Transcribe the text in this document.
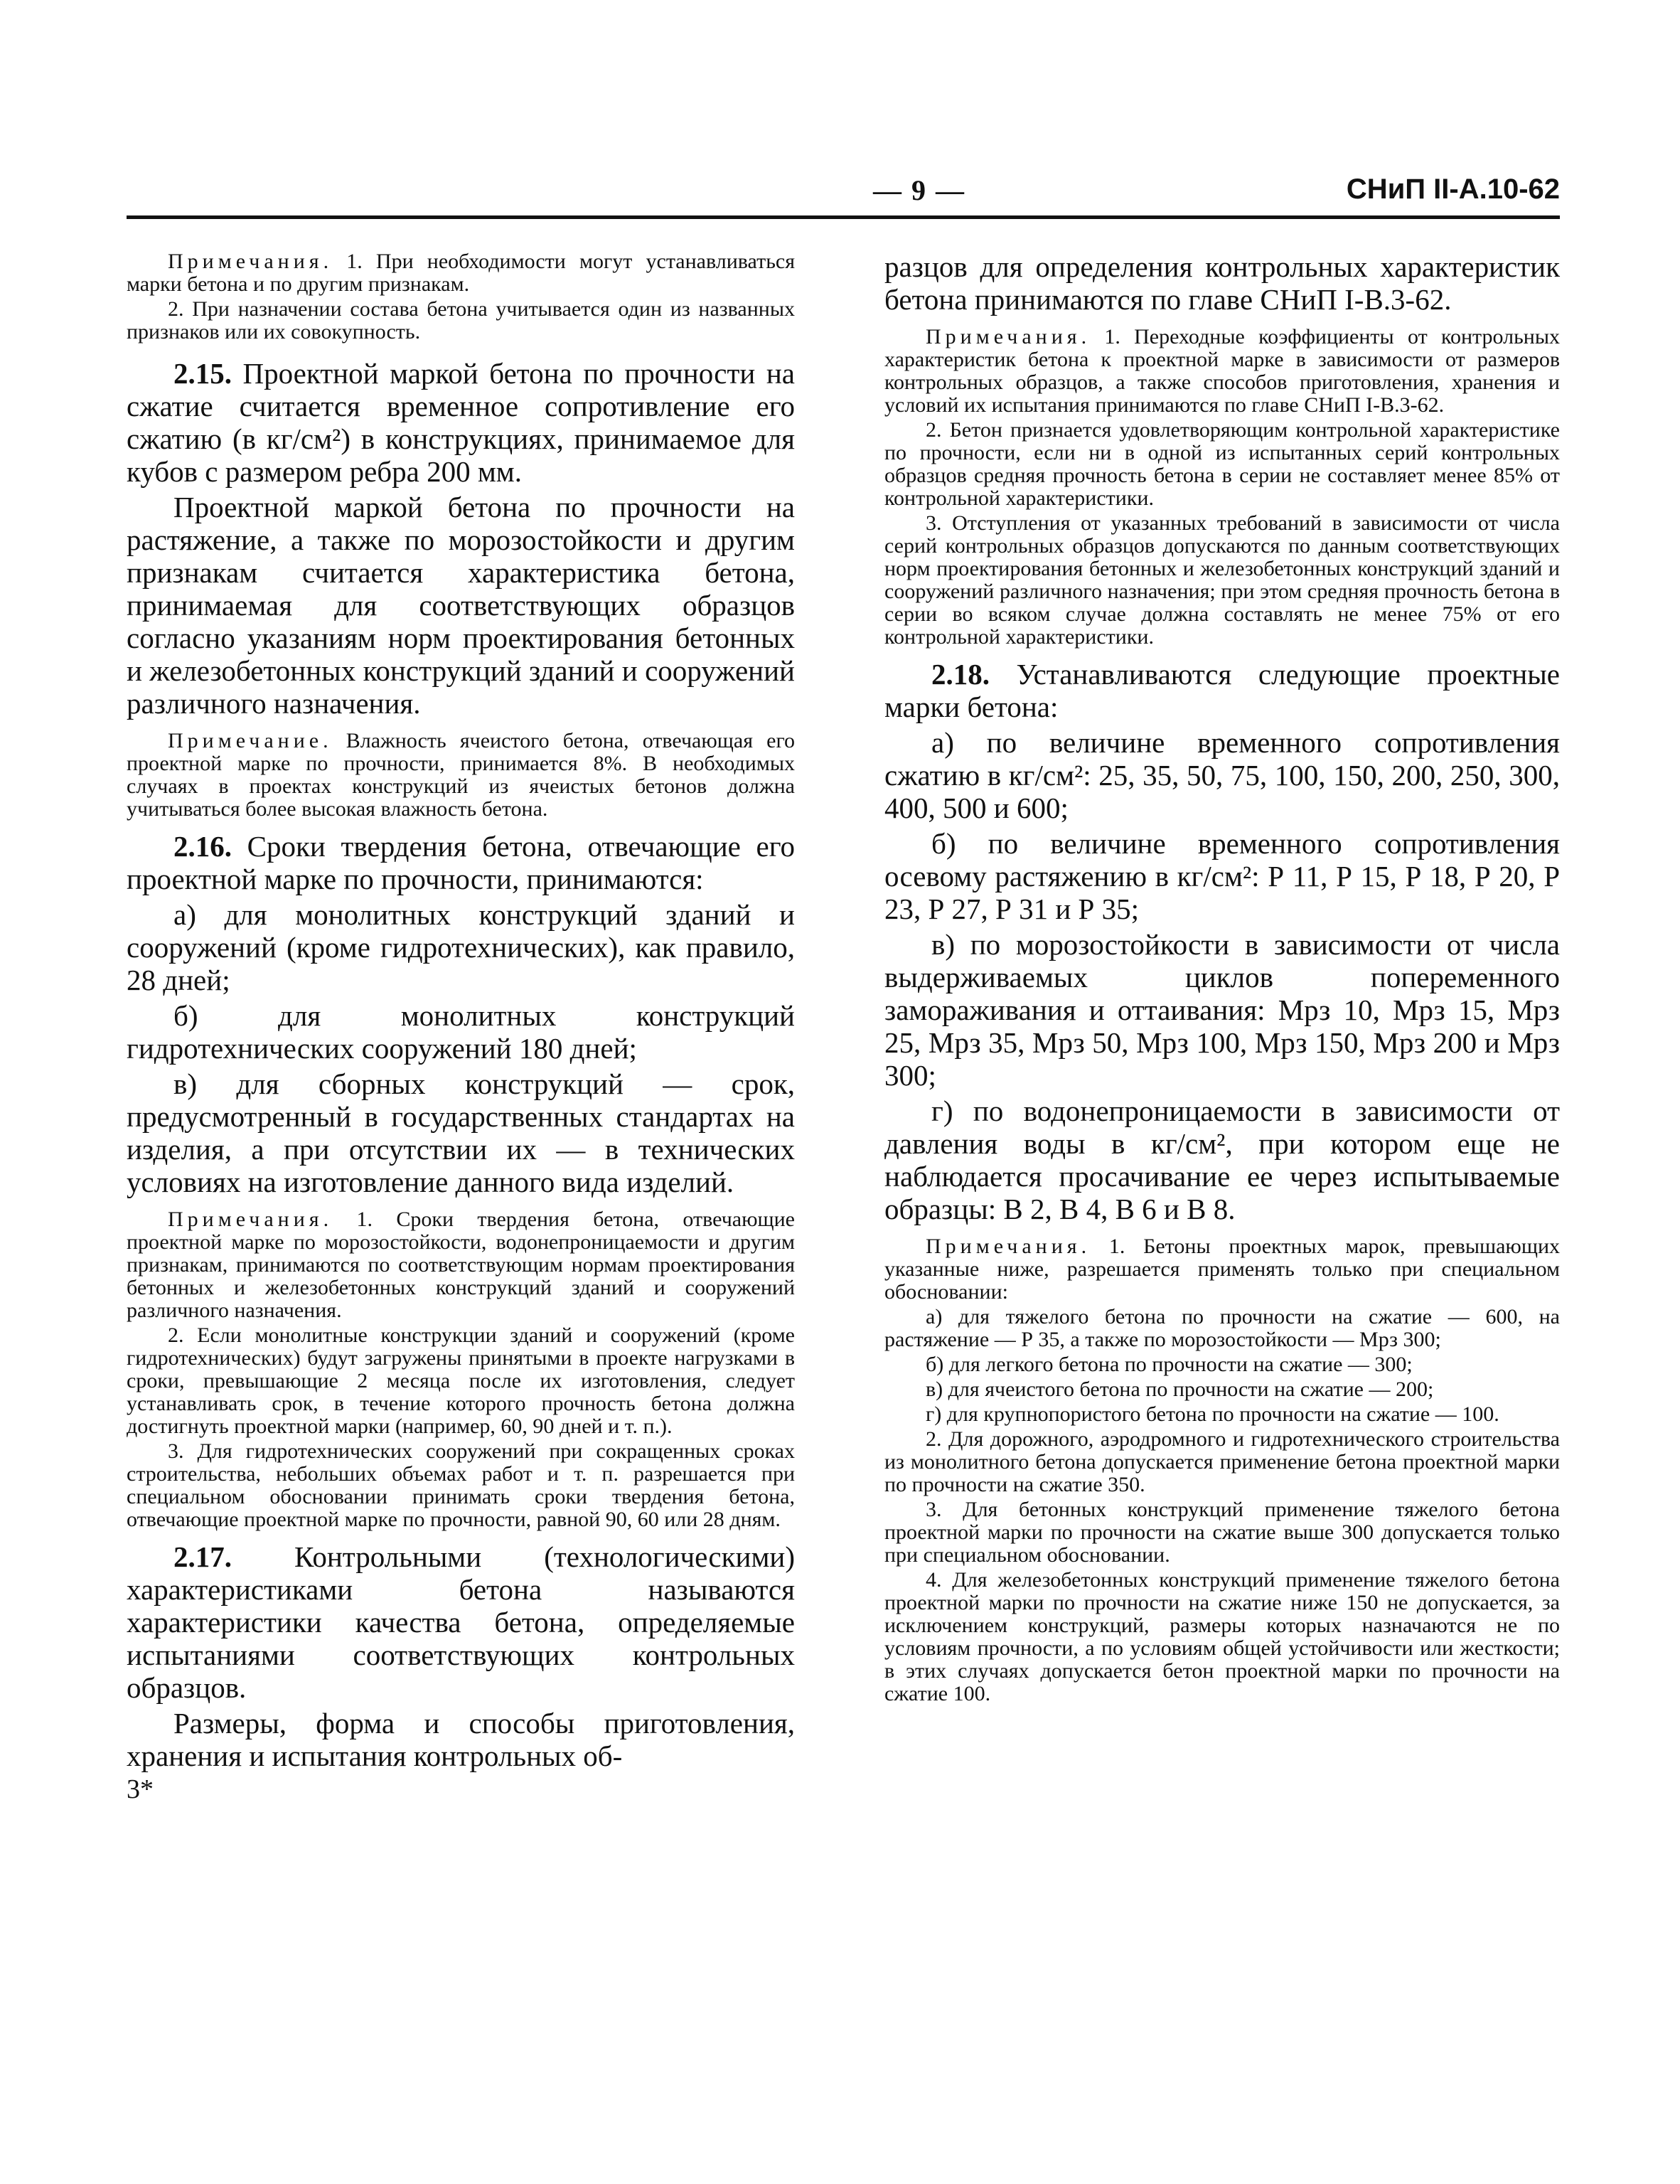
— 9 —	СНиП II-А.10-62

Примечания. 1. При необходимости могут устанавливаться марки бетона и по другим признакам.

2. При назначении состава бетона учитывается один из названных признаков или их совокупность.

2.15. Проектной маркой бетона по прочности на сжатие считается временное сопротивление его сжатию (в кг/см²) в конструкциях, принимаемое для кубов с размером ребра 200 мм.

Проектной маркой бетона по прочности на растяжение, а также по морозостойкости и другим признакам считается характеристика бетона, принимаемая для соответствующих образцов согласно указаниям норм проектирования бетонных и железобетонных конструкций зданий и сооружений различного назначения.

Примечание. Влажность ячеистого бетона, отвечающая его проектной марке по прочности, принимается 8%. В необходимых случаях в проектах конструкций из ячеистых бетонов должна учитываться более высокая влажность бетона.

2.16. Сроки твердения бетона, отвечающие его проектной марке по прочности, принимаются:

а) для монолитных конструкций зданий и сооружений (кроме гидротехнических), как правило, 28 дней;

б) для монолитных конструкций гидротехнических сооружений 180 дней;

в) для сборных конструкций — срок, предусмотренный в государственных стандартах на изделия, а при отсутствии их — в технических условиях на изготовление данного вида изделий.

Примечания. 1. Сроки твердения бетона, отвечающие проектной марке по морозостойкости, водонепроницаемости и другим признакам, принимаются по соответствующим нормам проектирования бетонных и железобетонных конструкций зданий и сооружений различного назначения.

2. Если монолитные конструкции зданий и сооружений (кроме гидротехнических) будут загружены принятыми в проекте нагрузками в сроки, превышающие 2 месяца после их изготовления, следует устанавливать срок, в течение которого прочность бетона должна достигнуть проектной марки (например, 60, 90 дней и т. п.).

3. Для гидротехнических сооружений при сокращенных сроках строительства, небольших объемах работ и т. п. разрешается при специальном обосновании принимать сроки твердения бетона, отвечающие проектной марке по прочности, равной 90, 60 или 28 дням.

2.17. Контрольными (технологическими) характеристиками бетона называются характеристики качества бетона, определяемые испытаниями соответствующих контрольных образцов.

Размеры, форма и способы приготовления, хранения и испытания контрольных об-

3*

разцов для определения контрольных характеристик бетона принимаются по главе СНиП I-В.3-62.

Примечания. 1. Переходные коэффициенты от контрольных характеристик бетона к проектной марке в зависимости от размеров контрольных образцов, а также способов приготовления, хранения и условий их испытания принимаются по главе СНиП I-В.3-62.

2. Бетон признается удовлетворяющим контрольной характеристике по прочности, если ни в одной из испытанных серий контрольных образцов средняя прочность бетона в серии не составляет менее 85% от контрольной характеристики.

3. Отступления от указанных требований в зависимости от числа серий контрольных образцов допускаются по данным соответствующих норм проектирования бетонных и железобетонных конструкций зданий и сооружений различного назначения; при этом средняя прочность бетона в серии во всяком случае должна составлять не менее 75% от его контрольной характеристики.

2.18. Устанавливаются следующие проектные марки бетона:

а) по величине временного сопротивления сжатию в кг/см²: 25, 35, 50, 75, 100, 150, 200, 250, 300, 400, 500 и 600;

б) по величине временного сопротивления осевому растяжению в кг/см²: Р 11, Р 15, Р 18, Р 20, Р 23, Р 27, Р 31 и Р 35;

в) по морозостойкости в зависимости от числа выдерживаемых циклов попеременного замораживания и оттаивания: Мрз 10, Мрз 15, Мрз 25, Мрз 35, Мрз 50, Мрз 100, Мрз 150, Мрз 200 и Мрз 300;

г) по водонепроницаемости в зависимости от давления воды в кг/см², при котором еще не наблюдается просачивание ее через испытываемые образцы: В 2, В 4, В 6 и В 8.

Примечания. 1. Бетоны проектных марок, превышающих указанные ниже, разрешается применять только при специальном обосновании:

а) для тяжелого бетона по прочности на сжатие — 600, на растяжение — Р 35, а также по морозостойкости — Мрз 300;

б) для легкого бетона по прочности на сжатие — 300;

в) для ячеистого бетона по прочности на сжатие — 200;

г) для крупнопористого бетона по прочности на сжатие — 100.

2. Для дорожного, аэродромного и гидротехнического строительства из монолитного бетона допускается применение бетона проектной марки по прочности на сжатие 350.

3. Для бетонных конструкций применение тяжелого бетона проектной марки по прочности на сжатие выше 300 допускается только при специальном обосновании.

4. Для железобетонных конструкций применение тяжелого бетона проектной марки по прочности на сжатие ниже 150 не допускается, за исключением конструкций, размеры которых назначаются не по условиям прочности, а по условиям общей устойчивости или жесткости; в этих случаях допускается бетон проектной марки по прочности на сжатие 100.
